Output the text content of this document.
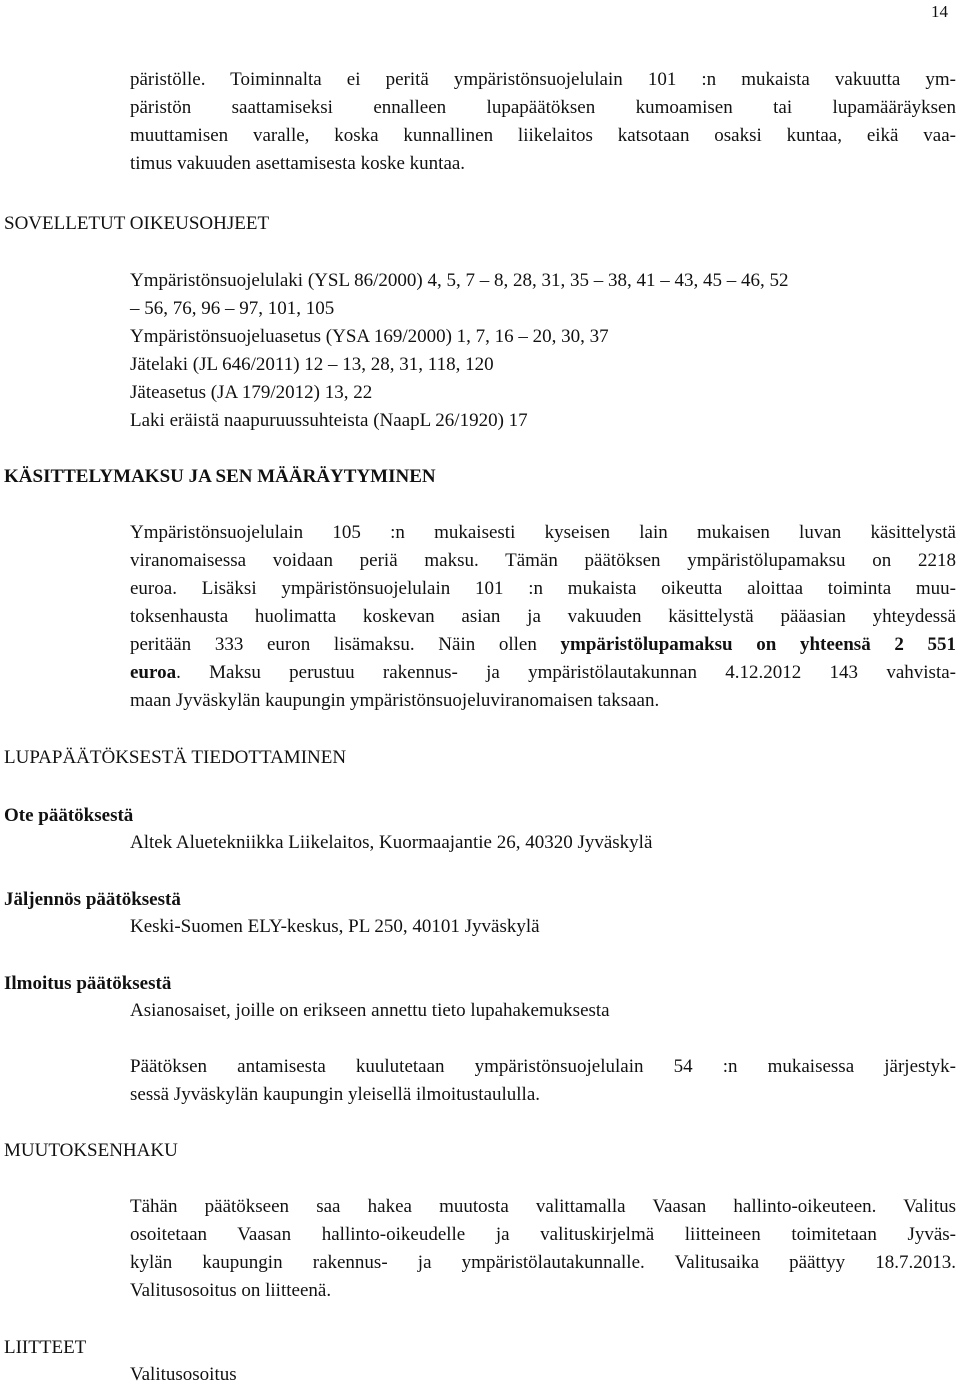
14
päristölle. Toiminnalta ei peritä ympäristönsuojelulain 101 :n mukaista vakuutta ym-
päristön saattamiseksi ennalleen lupapäätöksen kumoamisen tai lupamääräyksen
muuttamisen varalle, koska kunnallinen liikelaitos katsotaan osaksi kuntaa, eikä vaa-
timus vakuuden asettamisesta koske kuntaa.
SOVELLETUT OIKEUSOHJEET
Ympäristönsuojelulaki (YSL 86/2000) 4, 5, 7 – 8, 28, 31, 35 – 38, 41 – 43, 45 – 46, 52
– 56, 76, 96 – 97, 101, 105
Ympäristönsuojeluasetus (YSA 169/2000) 1, 7, 16 – 20, 30, 37
Jätelaki (JL 646/2011) 12 – 13, 28, 31, 118, 120
Jäteasetus (JA 179/2012) 13, 22
Laki eräistä naapuruussuhteista (NaapL 26/1920) 17
KÄSITTELYMAKSU JA SEN MÄÄRÄYTYMINEN
Ympäristönsuojelulain 105 :n mukaisesti kyseisen lain mukaisen luvan käsittelystä
viranomaisessa voidaan periä maksu. Tämän päätöksen ympäristölupamaksu on 2218
euroa. Lisäksi ympäristönsuojelulain 101 :n mukaista oikeutta aloittaa toiminta muu-
toksenhausta huolimatta koskevan asian ja vakuuden käsittelystä pääasian yhteydessä
peritään 333 euron lisämaksu. Näin ollen ympäristölupamaksu on yhteensä 2 551
euroa. Maksu perustuu rakennus- ja ympäristölautakunnan 4.12.2012 143 vahvista-
maan Jyväskylän kaupungin ympäristönsuojeluviranomaisen taksaan.
LUPAPÄÄTÖKSESTÄ TIEDOTTAMINEN
Ote päätöksestä
Altek Aluetekniikka Liikelaitos, Kuormaajantie 26, 40320 Jyväskylä
Jäljennös päätöksestä
Keski-Suomen ELY-keskus, PL 250, 40101 Jyväskylä
Ilmoitus päätöksestä
Asianosaiset, joille on erikseen annettu tieto lupahakemuksesta
Päätöksen antamisesta kuulutetaan ympäristönsuojelulain 54 :n mukaisessa järjestyk-
sessä Jyväskylän kaupungin yleisellä ilmoitustaululla.
MUUTOKSENHAKU
Tähän päätökseen saa hakea muutosta valittamalla Vaasan hallinto-oikeuteen. Valitus
osoitetaan Vaasan hallinto-oikeudelle ja valituskirjelmä liitteineen toimitetaan Jyväs-
kylän kaupungin rakennus- ja ympäristölautakunnalle. Valitusaika päättyy 18.7.2013.
Valitusosoitus on liitteenä.
LIITTEET
Valitusosoitus
